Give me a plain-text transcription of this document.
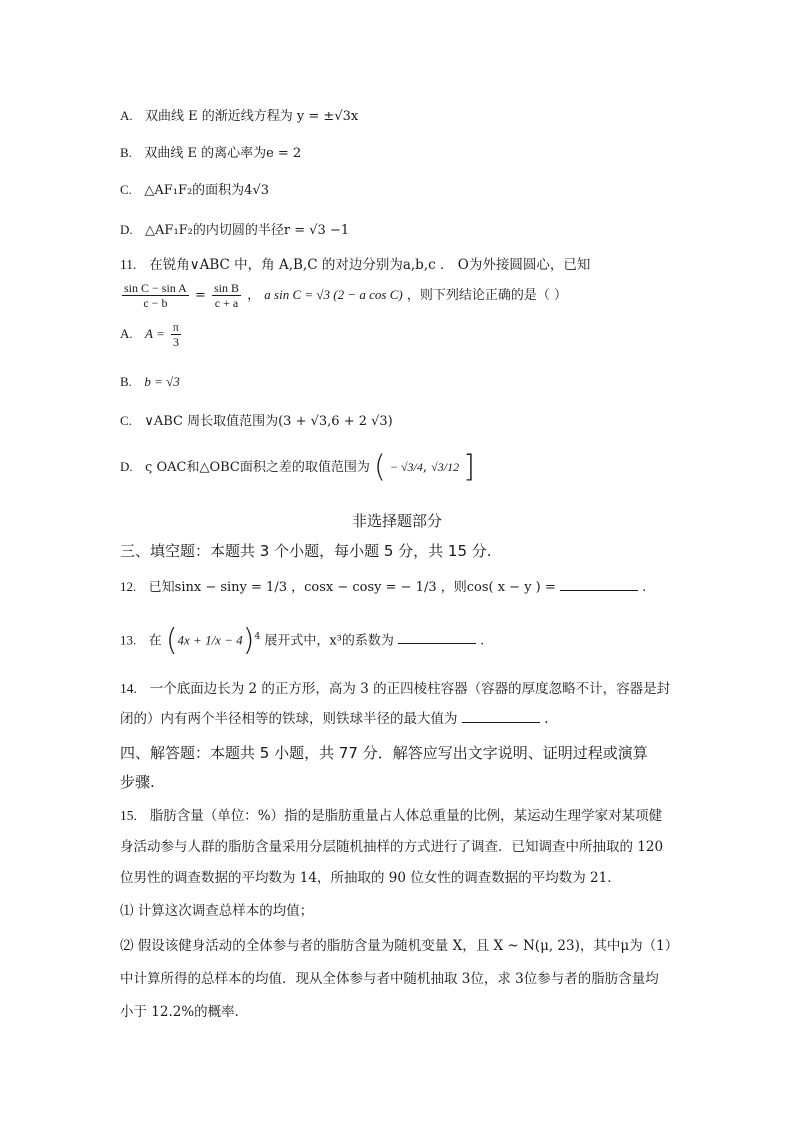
A. 双曲线 E 的渐近线方程为 y = ±√3x
B. 双曲线 E 的离心率为e = 2
C. △AF₁F₂的面积为4√3
D. △AF₁F₂的内切圆的半径r = √3 −1
11. 在锐角∨ABC 中，角 A,B,C 的对边分别为a,b,c ． O为外接圆圆心，已知
$\frac{\text{sin C − sin A}}{c - b} = \frac{\text{sin B}}{c + a}$ ， a sin C = √3 (2 − a cos C) ，则下列结论正确的是（ ）
A. $A = \frac{\pi}{3}$
B. b = √3
C. ∨ABC 周长取值范围为(3 + √3,6 + 2 √3)
D. ς OAC和△OBC面积之差的取值范围为 ( − √3/4, √3/12 ]
非选择题部分
三、填空题：本题共 3 个小题，每小题 5 分，共 15 分.
12. 已知sinx − siny = 1/3 ，cosx − cosy = − 1/3 ，则cos( x − y ) =	.
13. 在 $(4x + 1/x - 4)^4$ 展开式中，x³的系数为	.
14. 一个底面边长为 2 的正方形，高为 3 的正四棱柱容器（容器的厚度忽略不计，容器是封
闭的）内有两个半径相等的铁球，则铁球半径的最大值为	.
四、解答题：本题共 5 小题，共 77 分．解答应写出文字说明、证明过程或演算
步骤.
15. 脂肪含量（单位：%）指的是脂肪重量占人体总重量的比例，某运动生理学家对某项健
身活动参与人群的脂肪含量采用分层随机抽样的方式进行了调查．已知调查中所抽取的 120
位男性的调查数据的平均数为 14，所抽取的 90 位女性的调查数据的平均数为 21．
⑴ 计算这次调查总样本的均值；
⑵ 假设该健身活动的全体参与者的脂肪含量为随机变量 X，且 X ~ N(μ, 23)，其中μ为（1）
中计算所得的总样本的均值．现从全体参与者中随机抽取 3位，求 3位参与者的脂肪含量均
小于 12.2%的概率．
